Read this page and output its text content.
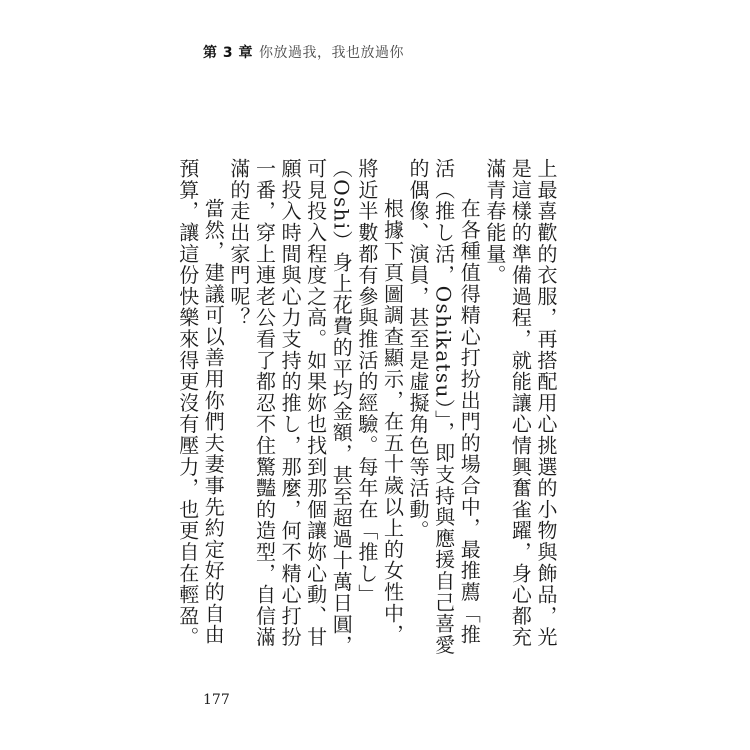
第 3 章 你放過我，我也放過你

上最喜歡的衣服，再搭配用心挑選的小物與飾品，光是這樣的準備過程，就能讓心情興奮雀躍，身心都充滿青春能量。

在各種值得精心打扮出門的場合中，最推薦「推活（推し活，Oshikatsu）」，即支持與應援自己喜愛的偶像、演員，甚至是虛擬角色等活動。

根據下頁圖調查顯示，在五十歲以上的女性中，將近半數都有參與推活的經驗。每年在「推し」（Oshi）身上花費的平均金額，甚至超過十萬日圓，可見投入程度之高。如果妳也找到那個讓妳心動、甘願投入時間與心力支持的推し，那麼，何不精心打扮一番，穿上連老公看了都忍不住驚豔的造型，自信滿滿的走出家門呢？

當然，建議可以善用你們夫妻事先約定好的自由預算，讓這份快樂來得更沒有壓力，也更自在輕盈。

177
